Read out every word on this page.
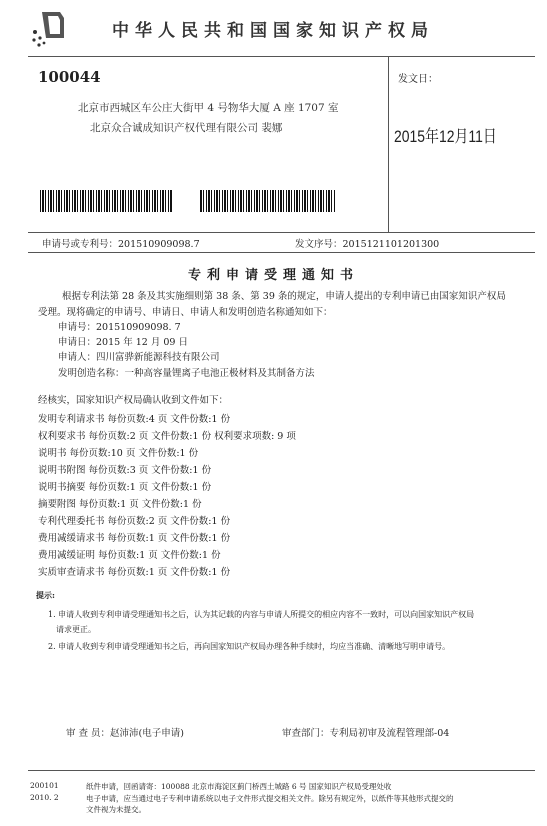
中华人民共和国国家知识产权局
100044
北京市西城区车公庄大街甲 4 号物华大厦 A 座 1707 室
北京众合诚成知识产权代理有限公司 裴娜
发文日：
2015年12月11日
申请号或专利号：201510909098.7	发文序号：2015121101201300
专利申请受理通知书
根据专利法第 28 条及其实施细则第 38 条、第 39 条的规定，申请人提出的专利申请已由国家知识产权局
受理。现将确定的申请号、申请日、申请人和发明创造名称通知如下：
申请号：201510909098. 7
申请日：2015 年 12 月 09 日
申请人：四川富骅新能源科技有限公司
发明创造名称：一种高容量锂离子电池正极材料及其制备方法
经核实，国家知识产权局确认收到文件如下：
发明专利请求书 每份页数:4 页 文件份数:1 份
权利要求书 每份页数:2 页 文件份数:1 份 权利要求项数: 9 项
说明书 每份页数:10 页 文件份数:1 份
说明书附图 每份页数:3 页 文件份数:1 份
说明书摘要 每份页数:1 页 文件份数:1 份
摘要附图 每份页数:1 页 文件份数:1 份
专利代理委托书 每份页数:2 页 文件份数:1 份
费用减缓请求书 每份页数:1 页 文件份数:1 份
费用减缓证明 每份页数:1 页 文件份数:1 份
实质审查请求书 每份页数:1 页 文件份数:1 份
提示:
1. 申请人收到专利申请受理通知书之后，认为其记载的内容与申请人所提交的相应内容不一致时，可以向国家知识产权局
请求更正。
2. 申请人收到专利申请受理通知书之后，再向国家知识产权局办理各种手续时，均应当准确、清晰地写明申请号。
审 查 员：赵沛沛(电子申请)	审查部门：专利局初审及流程管理部-04
200101
2010. 2
纸件申请，回函请寄：100088 北京市海淀区蓟门桥西土城路 6 号 国家知识产权局受理处收
电子申请，应当通过电子专利申请系统以电子文件形式提交相关文件。除另有规定外，以纸件等其他形式提交的
文件视为未提交。
